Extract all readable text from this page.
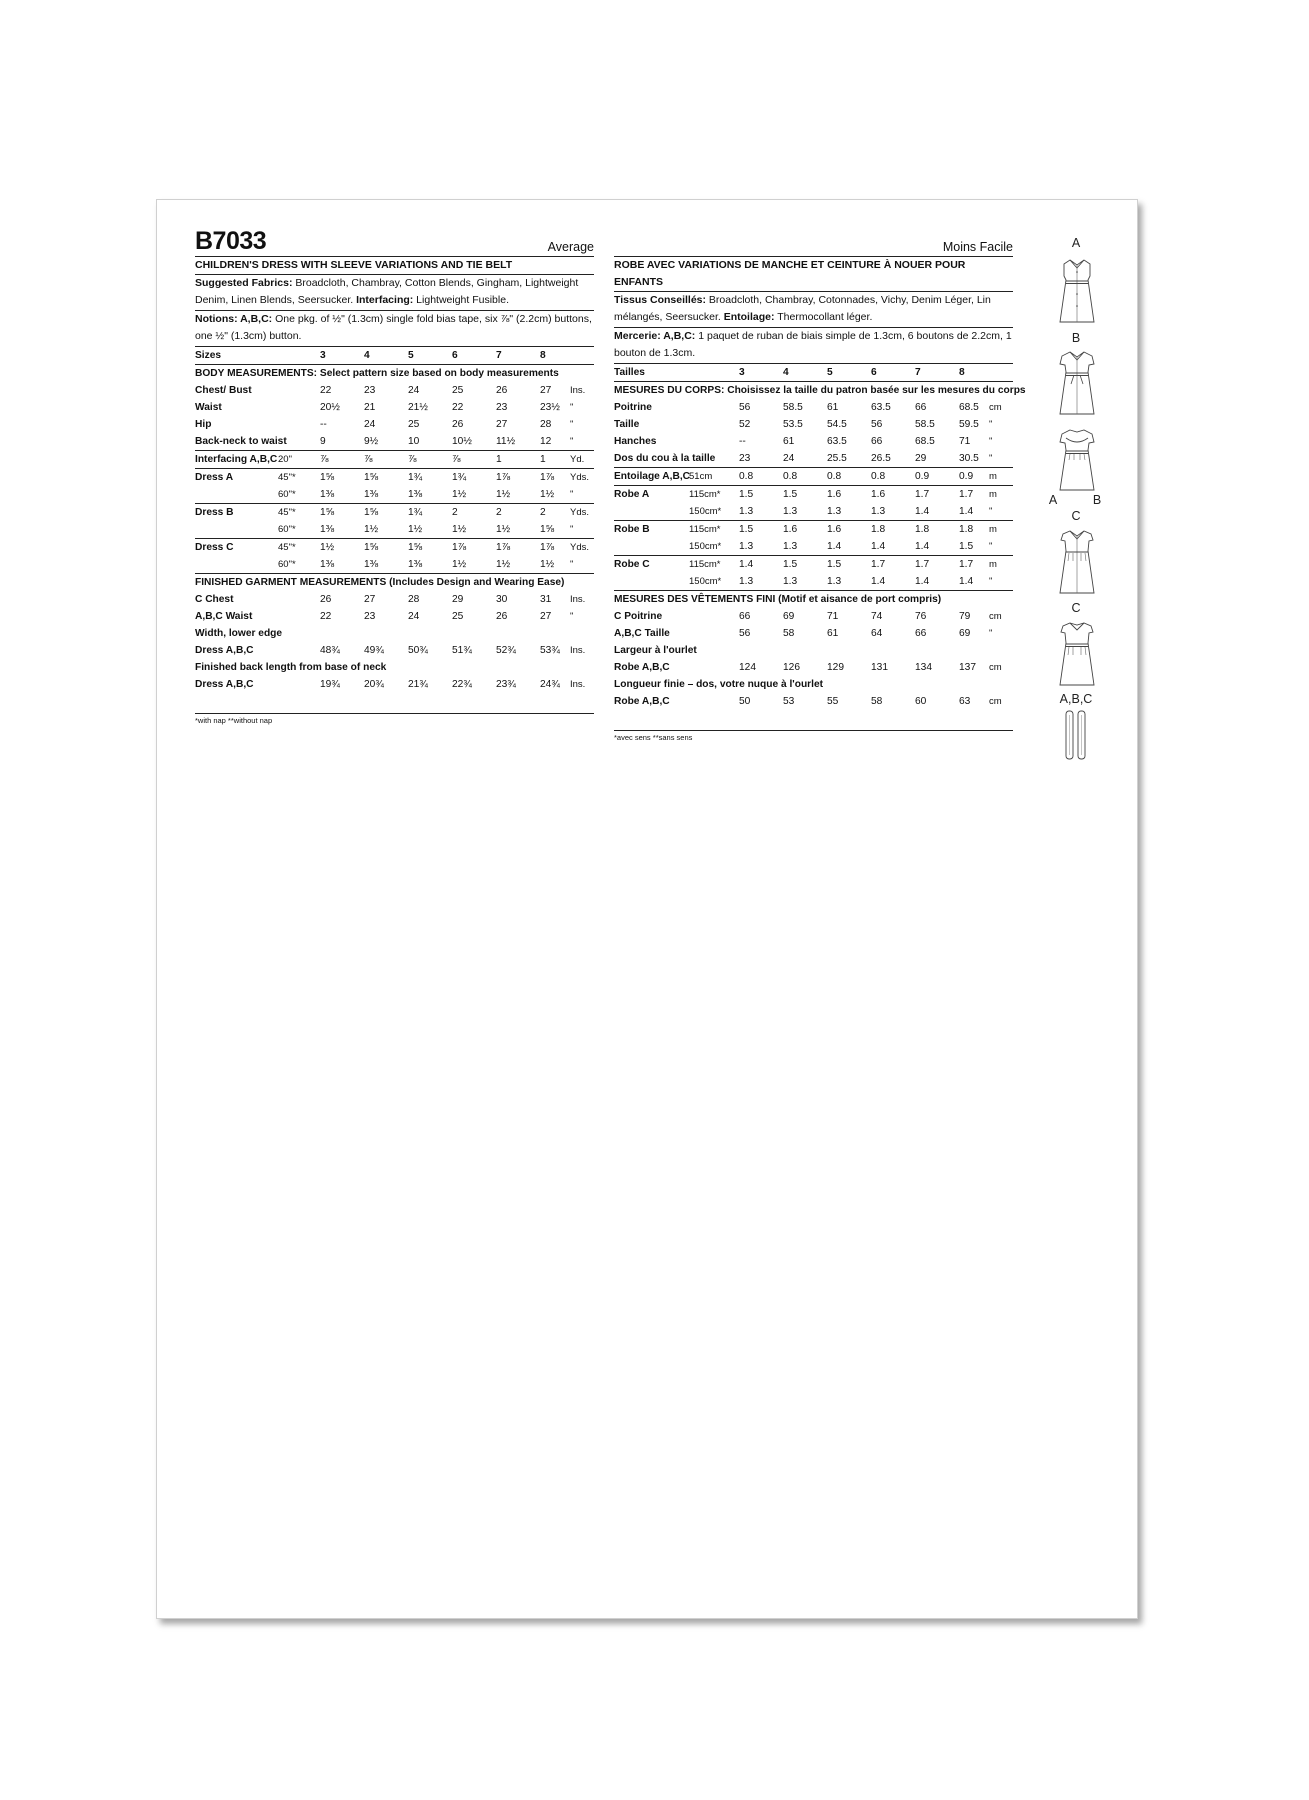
B7033	Average
CHILDREN'S DRESS WITH SLEEVE VARIATIONS AND TIE BELT
Suggested Fabrics: Broadcloth, Chambray, Cotton Blends, Gingham, Lightweight Denim, Linen Blends, Seersucker. Interfacing: Lightweight Fusible.
Notions: A,B,C: One pkg. of ½" (1.3cm) single fold bias tape, six ⅞" (2.2cm) buttons, one ½" (1.3cm) button.
Sizes		3	4	5	6	7	8	
BODY MEASUREMENTS: Select pattern size based on body measurements								
Chest/ Bust		22	23	24	25	26	27	Ins.
Waist		20½	21	21½	22	23	23½	"
Hip		--	24	25	26	27	28	"
Back-neck to waist		9	9½	10	10½	11½	12	"
Interfacing A,B,C	20"	⅞	⅞	⅞	⅞	1	1	Yd.
Dress A	45"*	1⅝	1⅝	1¾	1¾	1⅞	1⅞	Yds.
	60"*	1⅜	1⅜	1⅜	1½	1½	1½	"
Dress B	45"*	1⅝	1⅝	1¾	2	2	2	Yds.
	60"*	1⅜	1½	1½	1½	1½	1⅝	"
Dress C	45"*	1½	1⅝	1⅝	1⅞	1⅞	1⅞	Yds.
	60"*	1⅜	1⅜	1⅜	1½	1½	1½	"
FINISHED GARMENT MEASUREMENTS (Includes Design and Wearing Ease)								
C Chest		26	27	28	29	30	31	Ins.
A,B,C Waist		22	23	24	25	26	27	"
Width, lower edge								
Dress A,B,C		48¾	49¾	50¾	51¾	52¾	53¾	Ins.
Finished back length from base of neck								
Dress A,B,C		19¾	20¾	21¾	22¾	23¾	24¾	Ins.
*with nap **without nap
Moins Facile
ROBE AVEC VARIATIONS DE MANCHE ET CEINTURE À NOUER POUR ENFANTS
Tissus Conseillés: Broadcloth, Chambray, Cotonnades, Vichy, Denim Léger, Lin mélangés, Seersucker. Entoilage: Thermocollant léger.
Mercerie: A,B,C: 1 paquet de ruban de biais simple de 1.3cm, 6 boutons de 2.2cm, 1 bouton de 1.3cm.
Tailles		3	4	5	6	7	8	
MESURES DU CORPS: Choisissez la taille du patron basée sur les mesures du corps								
Poitrine		56	58.5	61	63.5	66	68.5	cm
Taille		52	53.5	54.5	56	58.5	59.5	"
Hanches		--	61	63.5	66	68.5	71	"
Dos du cou à la taille		23	24	25.5	26.5	29	30.5	"
Entoilage A,B,C	51cm	0.8	0.8	0.8	0.8	0.9	0.9	m
Robe A	115cm*	1.5	1.5	1.6	1.6	1.7	1.7	m
	150cm*	1.3	1.3	1.3	1.3	1.4	1.4	"
Robe B	115cm*	1.5	1.6	1.6	1.8	1.8	1.8	m
	150cm*	1.3	1.3	1.4	1.4	1.4	1.5	"
Robe C	115cm*	1.4	1.5	1.5	1.7	1.7	1.7	m
	150cm*	1.3	1.3	1.3	1.4	1.4	1.4	"
MESURES DES VÊTEMENTS FINI (Motif et aisance de port compris)								
C Poitrine		66	69	71	74	76	79	cm
A,B,C Taille		56	58	61	64	66	69	"
Largeur à l'ourlet								
Robe A,B,C		124	126	129	131	134	137	cm
Longueur finie – dos, votre nuque à l'ourlet								
Robe A,B,C		50	53	55	58	60	63	cm
*avec sens **sans sens
A
B
A	B
C
C
A,B,C
